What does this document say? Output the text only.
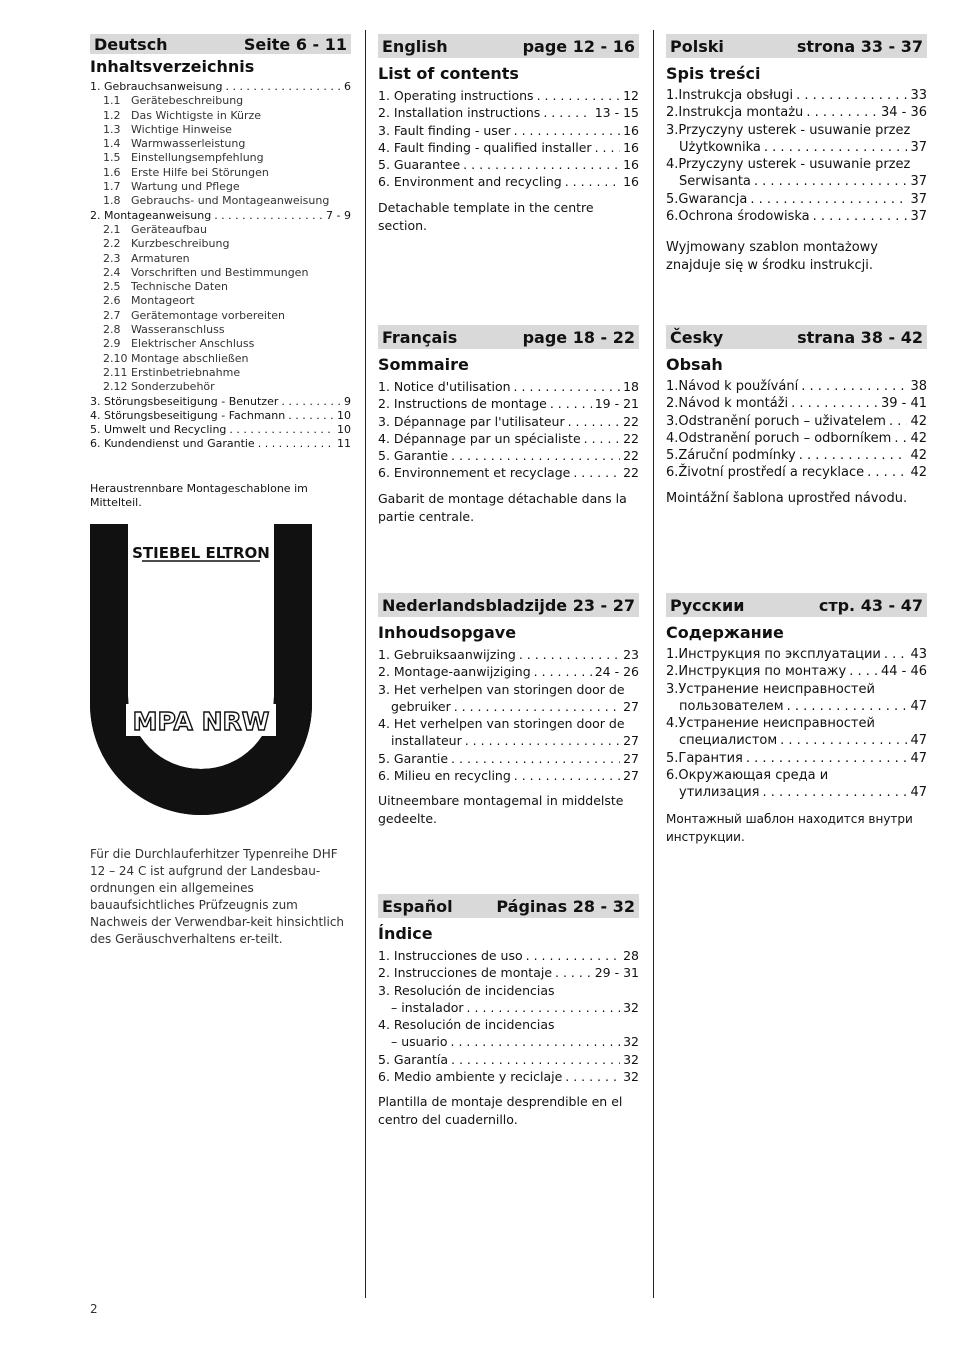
Deutsch	Seite 6 - 11
Inhaltsverzeichnis
1. Gebrauchsanweisung . . .	6
1.1 Gerätebeschreibung
1.2 Das Wichtigste in Kürze
1.3 Wichtige Hinweise
1.4 Warmwasserleistung
1.5 Einstellungsempfehlung
1.6 Erste Hilfe bei Störungen
1.7 Wartung und Pflege
1.8 Gebrauchs- und Montageanweisung
2. Montageanweisung . . .	7 - 9
2.1 Geräteaufbau
2.2 Kurzbeschreibung
2.3 Armaturen
2.4 Vorschriften und Bestimmungen
2.5 Technische Daten
2.6 Montageort
2.7 Gerätemontage vorbereiten
2.8 Wasseranschluss
2.9 Elektrischer Anschluss
2.10 Montage abschließen
2.11 Erstinbetriebnahme
2.12 Sonderzubehör
3. Störungsbeseitigung - Benutzer . . .	9
4. Störungsbeseitigung - Fachmann . . .	10
5. Umwelt und Recycling . . .	10
6. Kundendienst und Garantie . . .	11
Heraustrennbare Montageschablone im Mittelteil.
STIEBEL ELTRON
MPA NRW
Für die Durchlauferhitzer Typenreihe DHF 12 – 24 C ist aufgrund der Landesbau-ordnungen ein allgemeines bauaufsichtliches Prüfzeugnis zum Nachweis der Verwendbar-keit hinsichtlich des Geräuschverhaltens er-teilt.
English	page 12 - 16
List of contents
1. Operating instructions . . .	12
2. Installation instructions . . .	13 - 15
3. Fault finding - user . . .	16
4. Fault finding - qualified installer . . .	16
5. Guarantee . . .	16
6. Environment and recycling . . .	16
Detachable template in the centre section.
Français	page 18 - 22
Sommaire
1. Notice d'utilisation . . .	18
2. Instructions de montage . . .	19 - 21
3. Dépannage par l'utilisateur . . .	22
4. Dépannage par un spécialiste . . .	22
5. Garantie . . .	22
6. Environnement et recyclage . . .	22
Gabarit de montage détachable dans la partie centrale.
Nederlands bladzijde 23 - 27
Inhoudsopgave
1. Gebruiksaanwijzing . . .	23
2. Montage-aanwijziging . . .	24 - 26
3. Het verhelpen van storingen door de
gebruiker . . .	27
4. Het verhelpen van storingen door de
installateur . . .	27
5. Garantie . . .	27
6. Milieu en recycling . . .	27
Uitneembare montagemal in middelste gedeelte.
Español	Páginas 28 - 32
Índice
1. Instrucciones de uso . . .	28
2. Instrucciones de montaje . . .	29 - 31
3. Resolución de incidencias
– instalador . . .	32
4. Resolución de incidencias
– usuario . . .	32
5. Garantía . . .	32
6. Medio ambiente y reciclaje . . .	32
Plantilla de montaje desprendible en el centro del cuadernillo.
Polski	strona 33 - 37
Spis treści
1.Instrukcja obsługi . . .	33
2.Instrukcja montażu . . .	34 - 36
3.Przyczyny usterek - usuwanie przez
Użytkownika . . .	37
4.Przyczyny usterek - usuwanie przez
Serwisanta . . .	37
5.Gwarancja . . .	37
6.Ochrona środowiska . . .	37
Wyjmowany szablon montażowy znajduje się w środku instrukcji.
Česky	strana 38 - 42
Obsah
1.Návod k používání . . .	38
2.Návod k montáži . . .	39 - 41
3.Odstranění poruch – uživatelem . . . 42
4.Odstranění poruch – odborníkem . . . 42
5.Záruční podmínky . . .	42
6.Životní prostředí a recyklace . . .	42
Mointážní šablona uprostřed návodu.
Русскии	стр. 43 - 47
Содержание
1.Инструкция по эксплуатации . . . 43
2.Инструкция по монтажу . . .	44 - 46
3.Устранение неисправностей
пользователем . . .	47
4.Устранение неисправностей
специалистом . . .	47
5.Гарантия . . .	47
6.Окружающая среда и
утилизация . . .	47
Монтажный шаблон находится внутри инструкции.
2
